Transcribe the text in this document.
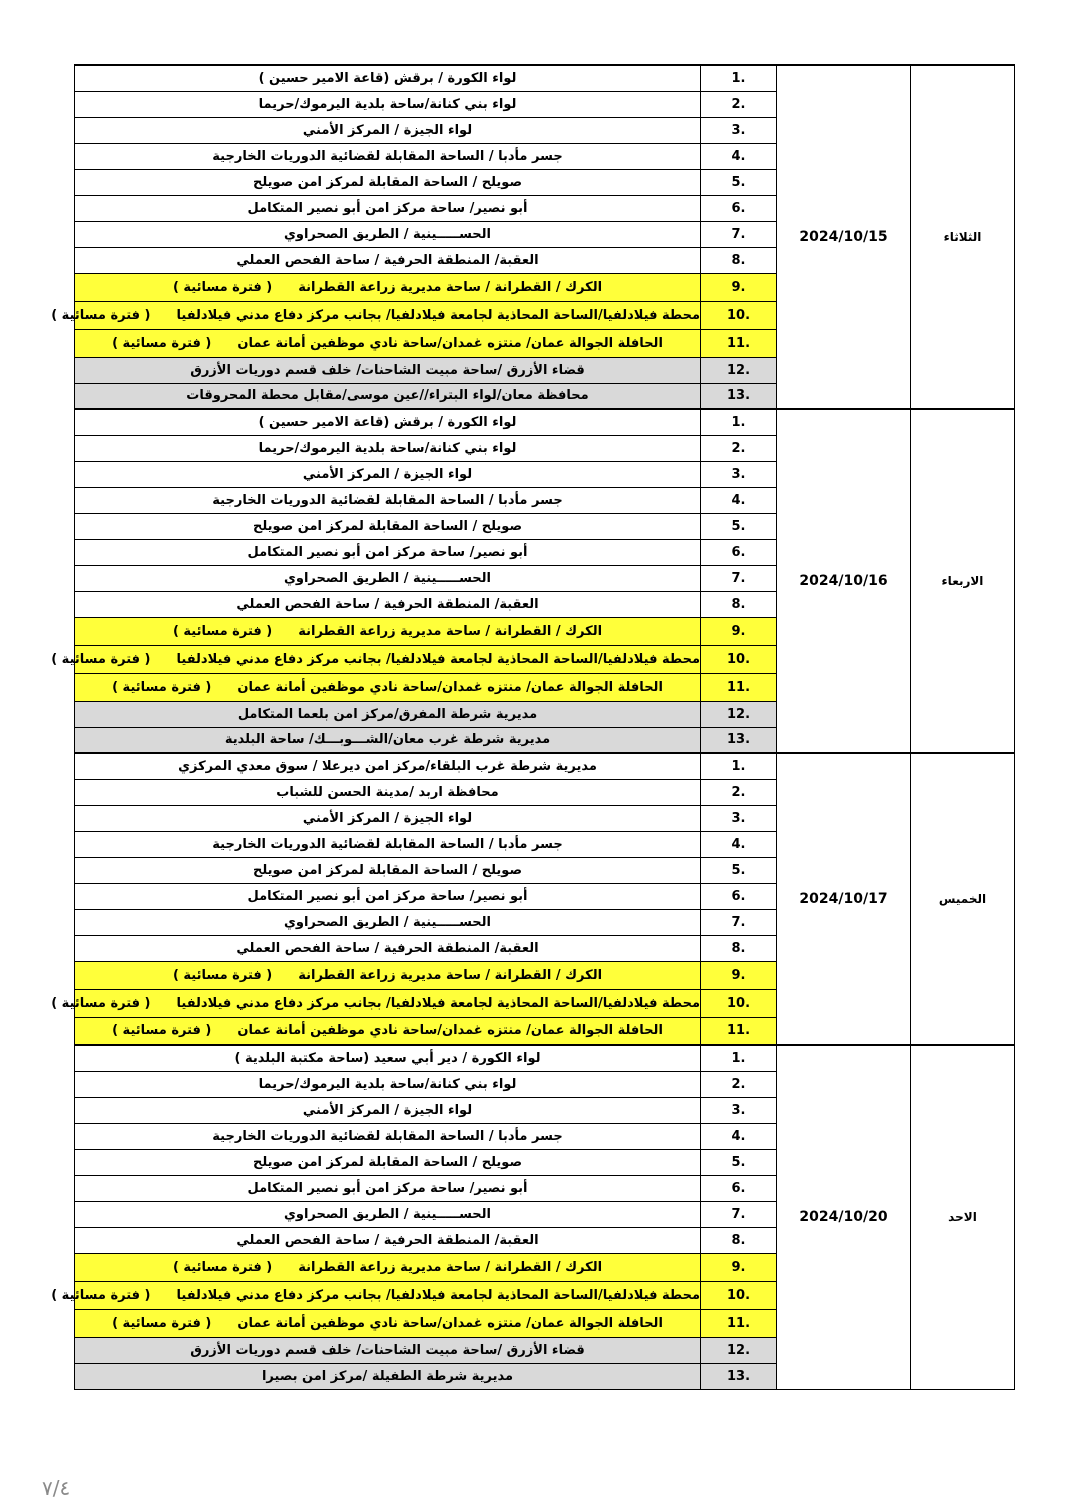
الثلاثاء	2024/10/15	1.	لواء الكورة / برقش (قاعة الامير حسين )
		2.	لواء بني كنانة/ساحة بلدية اليرموك/حريما
		3.	لواء الجيزة / المركز الأمني
		4.	جسر مأدبا / الساحة المقابلة لقضائية الدوريات الخارجية
		5.	صويلح / الساحة المقابلة لمركز امن صويلح
		6.	أبو نصير/ ساحة مركز امن أبو نصير المتكامل
		7.	الحســـــينية / الطريق الصحراوي
		8.	العقبة/ المنطقة الحرفية / ساحة الفحص العملي
		9.	الكرك / القطرانة / ساحة مديرية زراعة القطرانة( فترة مسائية )
		10.	محطة فيلادلفيا/الساحة المحاذية لجامعة فيلادلفيا/ بجانب مركز دفاع مدني فيلادلفيا( فترة مسائية )
		11.	الحافلة الجوالة عمان/ منتزه غمدان/ساحة نادي موظفين أمانة عمان( فترة مسائية )
		12.	قضاء الأزرق /ساحة مبيت الشاحنات/ خلف قسم دوريات الأزرق
		13.	محافظة معان/لواء البتراء//عين موسى/مقابل محطة المحروقات
الاربعاء	2024/10/16	1.	لواء الكورة / برقش (قاعة الامير حسين )
		2.	لواء بني كنانة/ساحة بلدية اليرموك/حريما
		3.	لواء الجيزة / المركز الأمني
		4.	جسر مأدبا / الساحة المقابلة لقضائية الدوريات الخارجية
		5.	صويلح / الساحة المقابلة لمركز امن صويلح
		6.	أبو نصير/ ساحة مركز امن أبو نصير المتكامل
		7.	الحســـــينية / الطريق الصحراوي
		8.	العقبة/ المنطقة الحرفية / ساحة الفحص العملي
		9.	الكرك / القطرانة / ساحة مديرية زراعة القطرانة( فترة مسائية )
		10.	محطة فيلادلفيا/الساحة المحاذية لجامعة فيلادلفيا/ بجانب مركز دفاع مدني فيلادلفيا( فترة مسائية )
		11.	الحافلة الجوالة عمان/ منتزه غمدان/ساحة نادي موظفين أمانة عمان( فترة مسائية )
		12.	مديرية شرطة المفرق/مركز امن بلعما المتكامل
		13.	مديرية شرطة غرب معان/الشـــوبـــك/ ساحة البلدية
الخميس	2024/10/17	1.	مديرية شرطة غرب البلقاء/مركز امن ديرعلا / سوق معدي المركزي
		2.	محافظة اربد /مدينة الحسن للشباب
		3.	لواء الجيزة / المركز الأمني
		4.	جسر مأدبا / الساحة المقابلة لقضائية الدوريات الخارجية
		5.	صويلح / الساحة المقابلة لمركز امن صويلح
		6.	أبو نصير/ ساحة مركز امن أبو نصير المتكامل
		7.	الحســـــينية / الطريق الصحراوي
		8.	العقبة/ المنطقة الحرفية / ساحة الفحص العملي
		9.	الكرك / القطرانة / ساحة مديرية زراعة القطرانة( فترة مسائية )
		10.	محطة فيلادلفيا/الساحة المحاذية لجامعة فيلادلفيا/ بجانب مركز دفاع مدني فيلادلفيا( فترة مسائية )
		11.	الحافلة الجوالة عمان/ منتزه غمدان/ساحة نادي موظفين أمانة عمان( فترة مسائية )
الاحد	2024/10/20	1.	لواء الكورة / دير أبي سعيد (ساحة مكتبة البلدية )
		2.	لواء بني كنانة/ساحة بلدية اليرموك/حريما
		3.	لواء الجيزة / المركز الأمني
		4.	جسر مأدبا / الساحة المقابلة لقضائية الدوريات الخارجية
		5.	صويلح / الساحة المقابلة لمركز امن صويلح
		6.	أبو نصير/ ساحة مركز امن أبو نصير المتكامل
		7.	الحســـــينية / الطريق الصحراوي
		8.	العقبة/ المنطقة الحرفية / ساحة الفحص العملي
		9.	الكرك / القطرانة / ساحة مديرية زراعة القطرانة( فترة مسائية )
		10.	محطة فيلادلفيا/الساحة المحاذية لجامعة فيلادلفيا/ بجانب مركز دفاع مدني فيلادلفيا( فترة مسائية )
		11.	الحافلة الجوالة عمان/ منتزه غمدان/ساحة نادي موظفين أمانة عمان( فترة مسائية )
		12.	قضاء الأزرق /ساحة مبيت الشاحنات/ خلف قسم دوريات الأزرق
		13.	مديرية شرطة الطفيلة /مركز امن بصيرا
٧/٤
